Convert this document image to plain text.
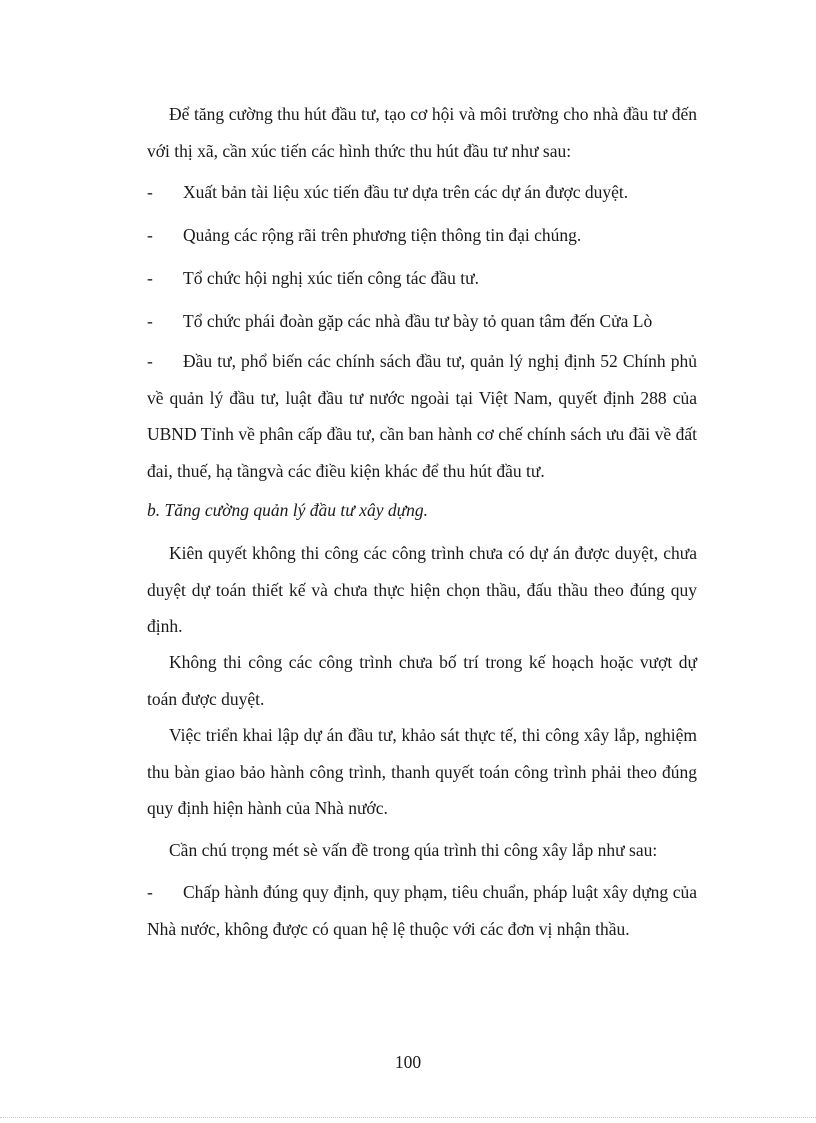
Để tăng cường thu hút đầu tư, tạo cơ hội và môi trường cho nhà đầu tư đến với thị xã, cần xúc tiến các hình thức thu hút đầu tư như sau:

-	Xuất bản tài liệu xúc tiến đầu tư dựa trên các dự án được duyệt.
-	Quảng các rộng rãi trên phương tiện thông tin đại chúng.
-	Tổ chức hội nghị xúc tiến công tác đầu tư.
-	Tổ chức phái đoàn gặp các nhà đầu tư bày tỏ quan tâm đến Cửa Lò
-	Đầu tư, phổ biến các chính sách đầu tư, quản lý nghị định 52 Chính phủ về quản lý đầu tư, luật đầu tư nước ngoài tại Việt Nam, quyết định 288 của UBND Tỉnh về phân cấp đầu tư, cần ban hành cơ chế chính sách ưu đãi về đất đai, thuế, hạ tầngvà các điều kiện khác để thu hút đầu tư.

b. Tăng cường quản lý đầu tư xây dựng.

Kiên quyết không thi công các công trình chưa có dự án được duyệt, chưa duyệt dự toán thiết kế và chưa thực hiện chọn thầu, đấu thầu theo đúng quy định.

Không thi công các công trình chưa bố trí trong kế hoạch hoặc vượt dự toán được duyệt.

Việc triển khai lập dự án đầu tư, khảo sát thực tế, thi công xây lắp, nghiệm thu bàn giao bảo hành công trình, thanh quyết toán công trình phải theo đúng quy định hiện hành của Nhà nước.

Cần chú trọng mét sè vấn đề trong qúa trình thi công xây lắp như sau:

-	Chấp hành đúng quy định, quy phạm, tiêu chuẩn, pháp luật xây dựng của Nhà nước, không được có quan hệ lệ thuộc với các đơn vị nhận thầu.
100
